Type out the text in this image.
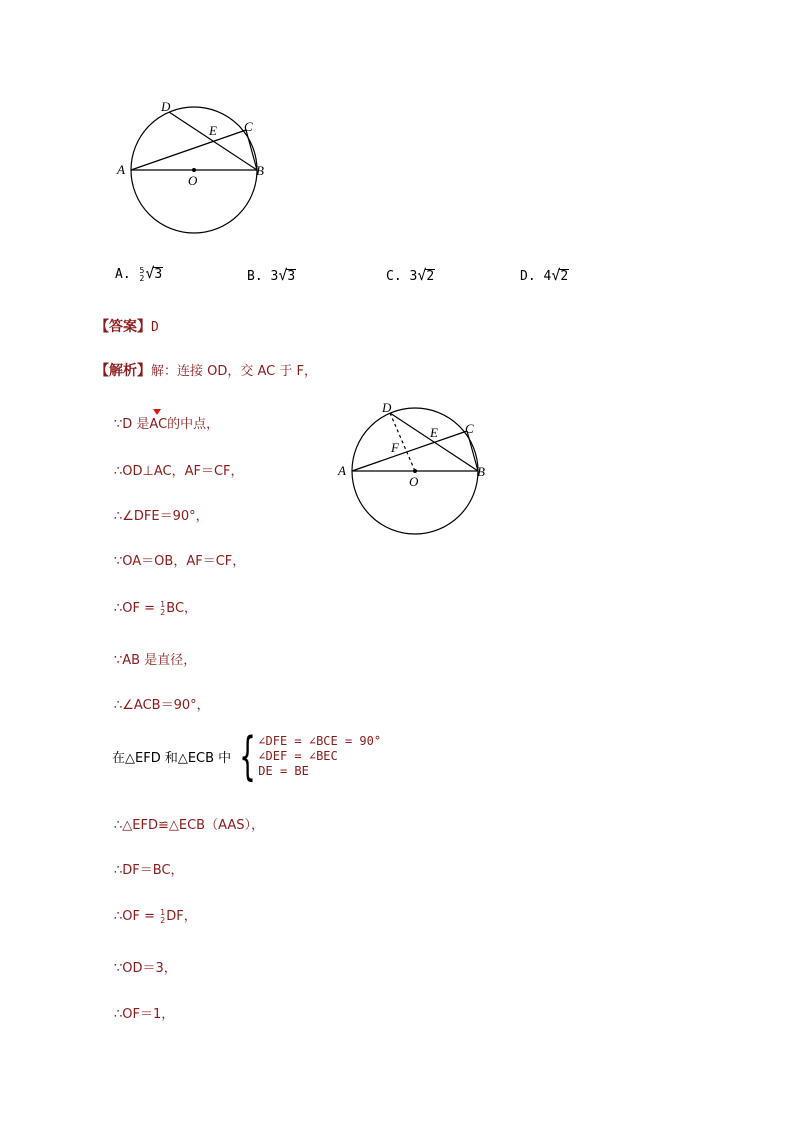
D
E C
A
O
B
A. 5
2 √3	B. 3√3	C. 3√2	D. 4√2
【答案】D
【解析】解：连接 OD，交 AC 于 F，
∵D 是AC的中点，
∴OD⊥AC，AF＝CF，
∴∠DFE＝90°，
∵OA＝OB，AF＝CF，
∴OF = 1
2 BC，
∵AB 是直径，
∴∠ACB＝90°，
在△EFD 和△ECB 中 { ∠DFE = ∠BCE = 90°
∠DEF = ∠BEC
DE = BE
∴△EFD≌△ECB（AAS），
∴DF＝BC，
∴OF = 1
2 DF，
∵OD＝3，
∴OF＝1，
D
E C
F
A
O
B
